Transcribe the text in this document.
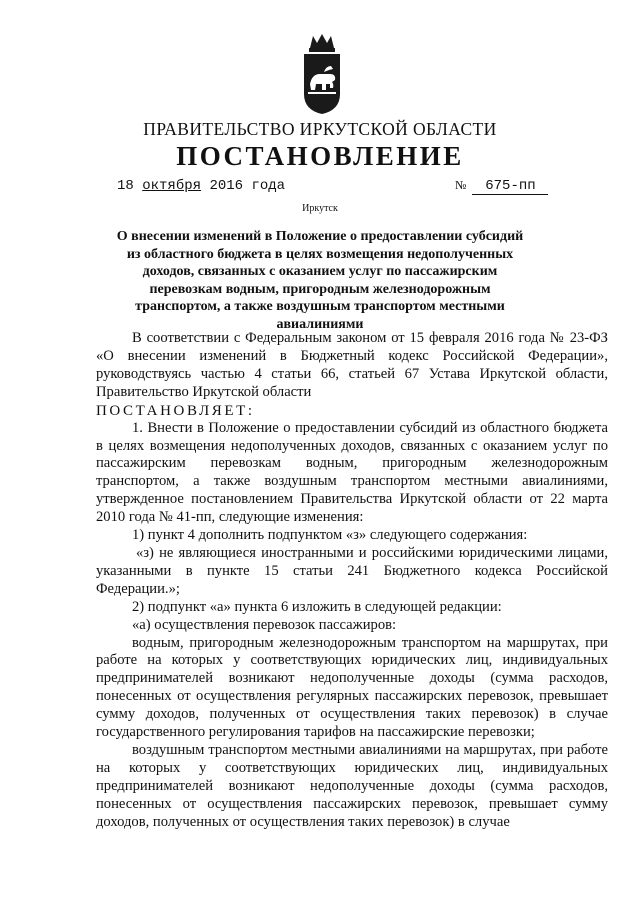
ПРАВИТЕЛЬСТВО ИРКУТСКОЙ ОБЛАСТИ
ПОСТАНОВЛЕНИЕ
18 октября 2016 года	№ 675-пп
Иркутск
О внесении изменений в Положение о предоставлении субсидий из областного бюджета в целях возмещения недополученных доходов, связанных с оказанием услуг по пассажирским перевозкам водным, пригородным железнодорожным транспортом, а также воздушным транспортом местными авиалиниями

В соответствии с Федеральным законом от 15 февраля 2016 года № 23-ФЗ «О внесении изменений в Бюджетный кодекс Российской Федерации», руководствуясь частью 4 статьи 66, статьей 67 Устава Иркутской области, Правительство Иркутской области

ПОСТАНОВЛЯЕТ:

1. Внести в Положение о предоставлении субсидий из областного бюджета в целях возмещения недополученных доходов, связанных с оказанием услуг по пассажирским перевозкам водным, пригородным железнодорожным транспортом, а также воздушным транспортом местными авиалиниями, утвержденное постановлением Правительства Иркутской области от 22 марта 2010 года № 41-пп, следующие изменения:

1) пункт 4 дополнить подпунктом «з» следующего содержания:

«з) не являющиеся иностранными и российскими юридическими лицами, указанными в пункте 15 статьи 241 Бюджетного кодекса Российской Федерации.»;

2) подпункт «а» пункта 6 изложить в следующей редакции:

«а) осуществления перевозок пассажиров:

водным, пригородным железнодорожным транспортом на маршрутах, при работе на которых у соответствующих юридических лиц, индивидуальных предпринимателей возникают недополученные доходы (сумма расходов, понесенных от осуществления регулярных пассажирских перевозок, превышает сумму доходов, полученных от осуществления таких перевозок) в случае государственного регулирования тарифов на пассажирские перевозки;

воздушным транспортом местными авиалиниями на маршрутах, при работе на которых у соответствующих юридических лиц, индивидуальных предпринимателей возникают недополученные доходы (сумма расходов, понесенных от осуществления пассажирских перевозок, превышает сумму доходов, полученных от осуществления таких перевозок) в случае
